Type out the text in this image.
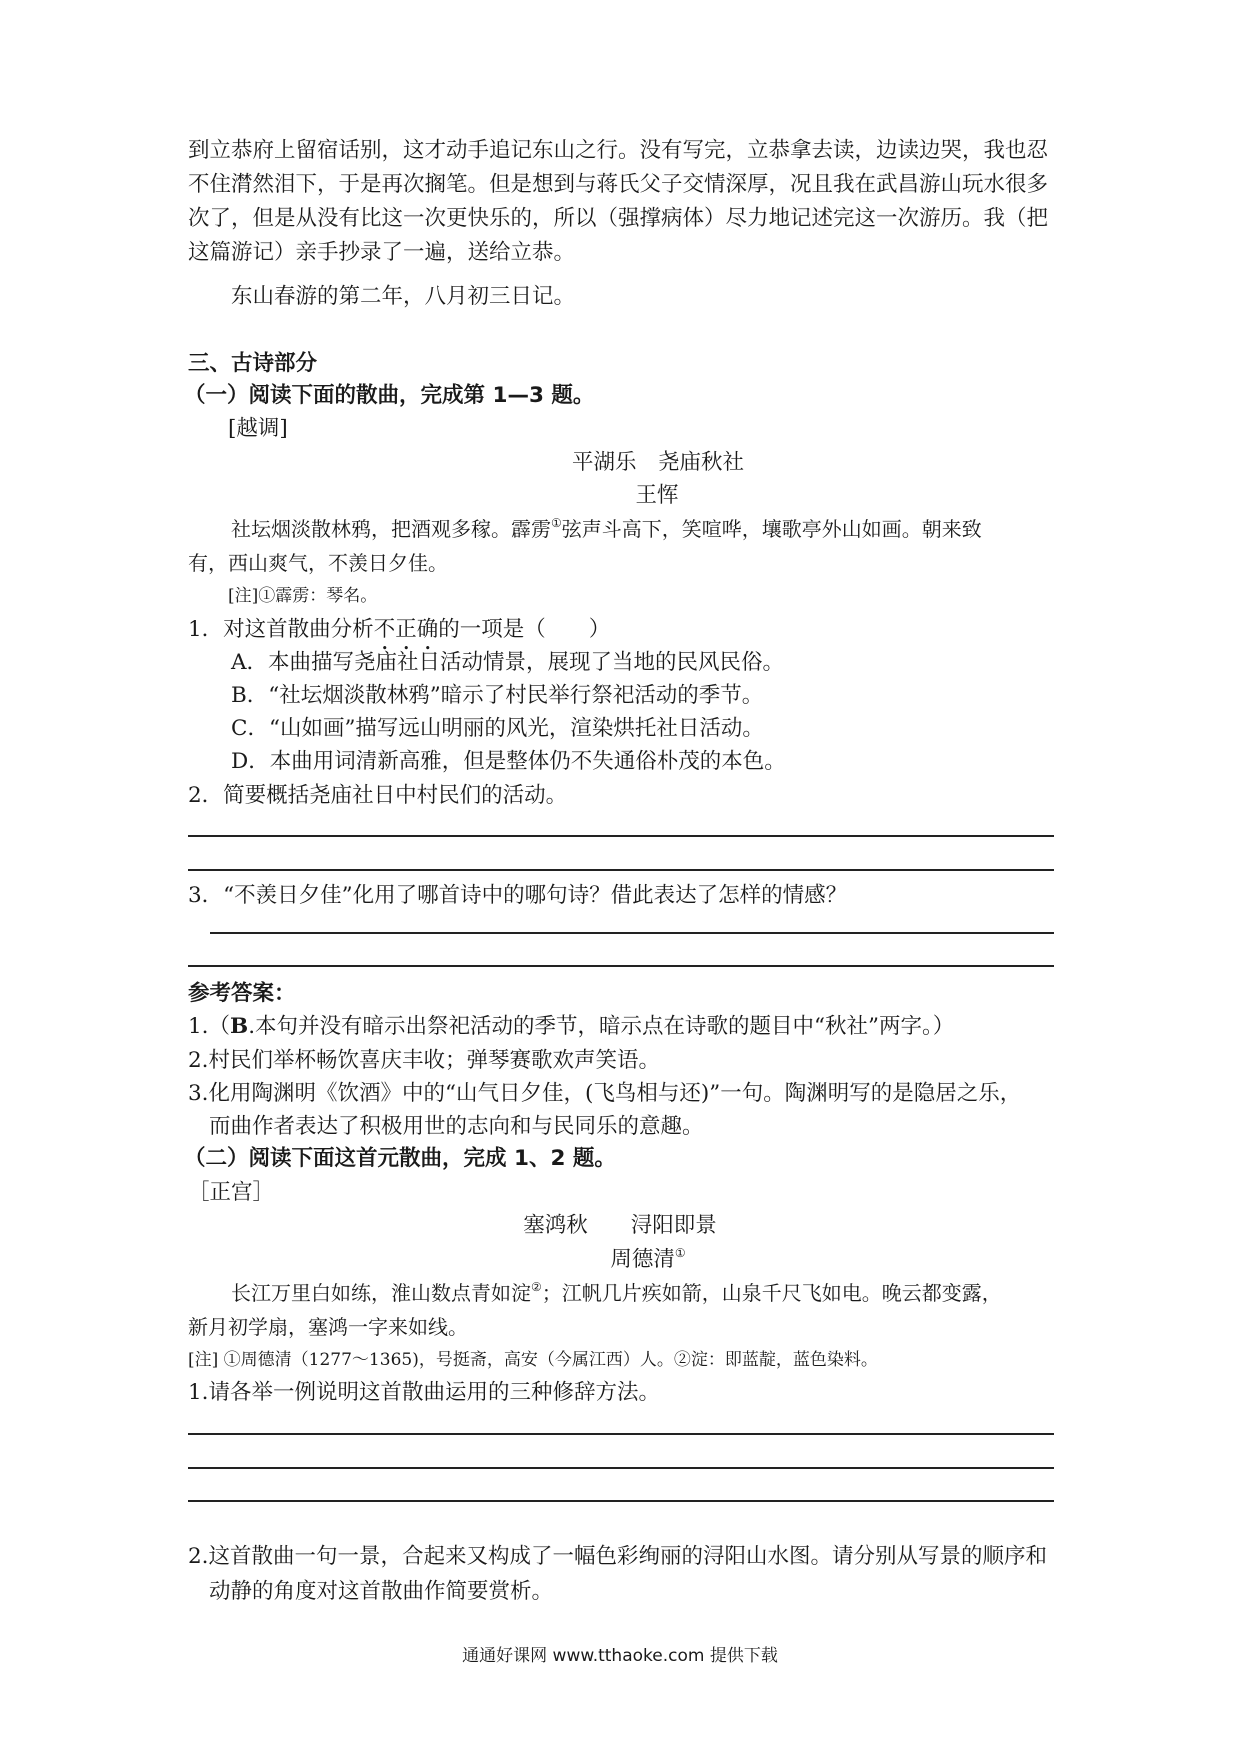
到立恭府上留宿话别，这才动手追记东山之行。没有写完，立恭拿去读，边读边哭，我也忍
不住潸然泪下，于是再次搁笔。但是想到与蒋氏父子交情深厚，况且我在武昌游山玩水很多
次了，但是从没有比这一次更快乐的，所以（强撑病体）尽力地记述完这一次游历。我（把
这篇游记）亲手抄录了一遍，送给立恭。
东山春游的第二年，八月初三日记。
三、古诗部分
（一）阅读下面的散曲，完成第 1—3 题。
[越调]
平湖乐　尧庙秋社
王恽
社坛烟淡散林鸦，把酒观多稼。霹雳①弦声斗高下，笑喧哗，壤歌亭外山如画。朝来致
有，西山爽气，不羡日夕佳。
[注]①霹雳：琴名。
1．对这首散曲分析不正确的一项是（　　）
A．本曲描写尧庙社日活动情景，展现了当地的民风民俗。
B．“社坛烟淡散林鸦”暗示了村民举行祭祀活动的季节。
C．“山如画”描写远山明丽的风光，渲染烘托社日活动。
D．本曲用词清新高雅，但是整体仍不失通俗朴茂的本色。
2．简要概括尧庙社日中村民们的活动。
3．“不羡日夕佳”化用了哪首诗中的哪句诗？借此表达了怎样的情感？
参考答案：
1.（B.本句并没有暗示出祭祀活动的季节，暗示点在诗歌的题目中“秋社”两字。）
2.村民们举杯畅饮喜庆丰收；弹琴赛歌欢声笑语。
3.化用陶渊明《饮酒》中的“山气日夕佳，(飞鸟相与还)”一句。陶渊明写的是隐居之乐，
而曲作者表达了积极用世的志向和与民同乐的意趣。
（二）阅读下面这首元散曲，完成 1、2 题。
［正宫］
塞鸿秋　　浔阳即景
周德清①
长江万里白如练，淮山数点青如淀②；江帆几片疾如箭，山泉千尺飞如电。晚云都变露，
新月初学扇，塞鸿一字来如线。
[注] ①周德清（1277～1365)，号挺斋，高安（今属江西）人。②淀：即蓝靛，蓝色染料。
1.请各举一例说明这首散曲运用的三种修辞方法。
2.这首散曲一句一景，合起来又构成了一幅色彩绚丽的浔阳山水图。请分别从写景的顺序和
动静的角度对这首散曲作简要赏析。
通通好课网 www.tthaoke.com 提供下载
